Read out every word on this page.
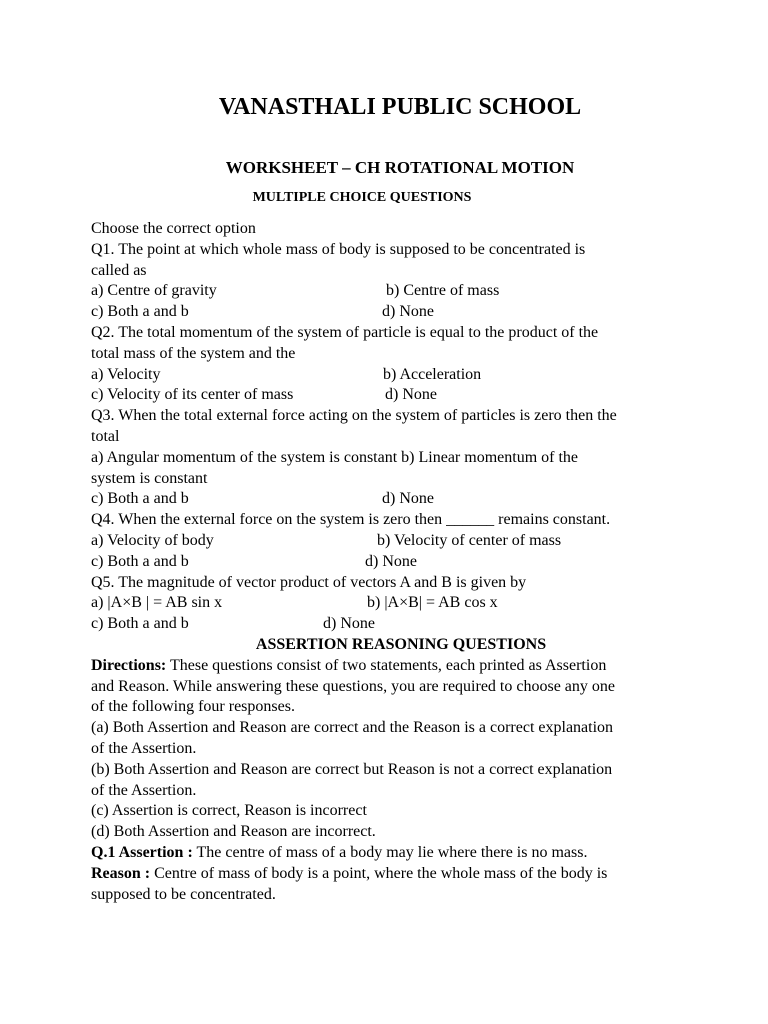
VANASTHALI PUBLIC SCHOOL
WORKSHEET – CH ROTATIONAL MOTION
MULTIPLE CHOICE QUESTIONS
Choose the correct option
Q1. The point at which whole mass of body is supposed to be concentrated is
called as
a) Centre of gravity	b) Centre of mass
c) Both a and b	d) None
Q2. The total momentum of the system of particle is equal to the product of the
total mass of the system and the
a) Velocity	b) Acceleration
c) Velocity of its center of mass	d) None
Q3. When the total external force acting on the system of particles is zero then the
total
a) Angular momentum of the system is constant b) Linear momentum of the
system is constant
c) Both a and b	d) None
Q4. When the external force on the system is zero then ______ remains constant.
a) Velocity of body	b) Velocity of center of mass
c) Both a and b	d) None
Q5. The magnitude of vector product of vectors A and B is given by
a) |A×B | = AB sin x	b) |A×B| = AB cos x
c) Both a and b	d) None
ASSERTION REASONING QUESTIONS
Directions: These questions consist of two statements, each printed as Assertion
and Reason. While answering these questions, you are required to choose any one
of the following four responses.
(a) Both Assertion and Reason are correct and the Reason is a correct explanation
of the Assertion.
(b) Both Assertion and Reason are correct but Reason is not a correct explanation
of the Assertion.
(c) Assertion is correct, Reason is incorrect
(d) Both Assertion and Reason are incorrect.
Q.1 Assertion : The centre of mass of a body may lie where there is no mass.
Reason : Centre of mass of body is a point, where the whole mass of the body is
supposed to be concentrated.
